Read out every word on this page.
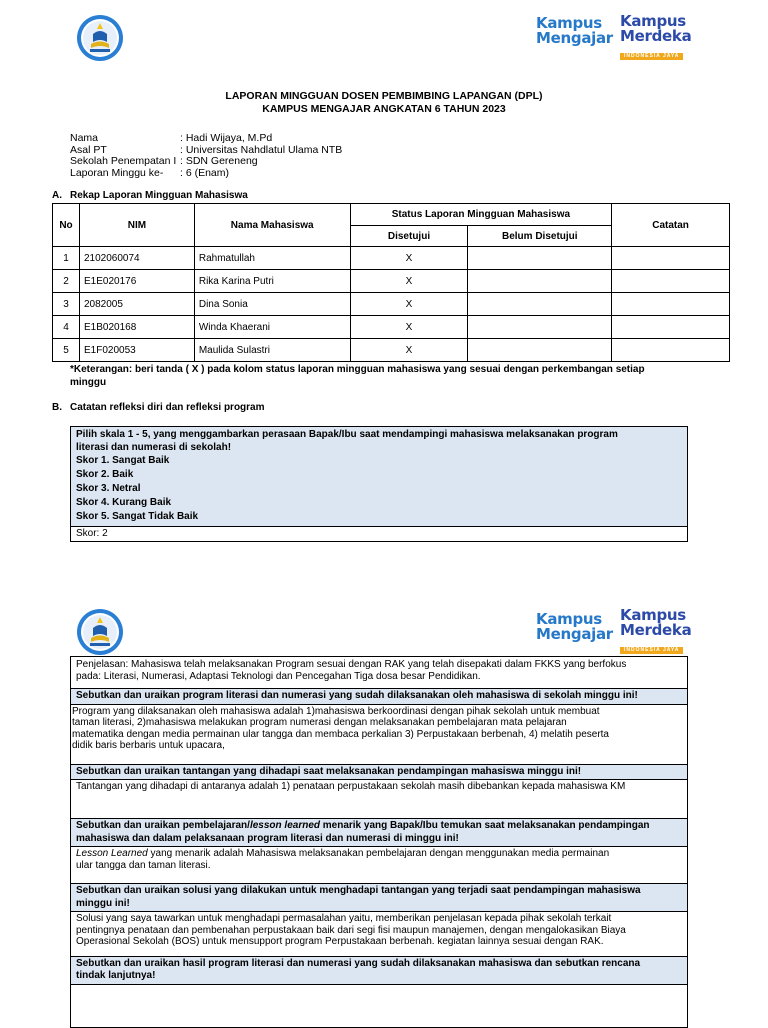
Kampus
Mengajar
Kampus
Merdeka
INDONESIA JAYA
LAPORAN MINGGUAN DOSEN PEMBIMBING LAPANGAN (DPL)
KAMPUS MENGAJAR ANGKATAN 6 TAHUN 2023
Nama	: Hadi Wijaya, M.Pd
Asal PT	: Universitas Nahdlatul Ulama NTB
Sekolah Penempatan I : SDN Gereneng
Laporan Minggu ke-	: 6 (Enam)
A. Rekap Laporan Mingguan Mahasiswa
No	NIM	Nama Mahasiswa	Status Laporan Mingguan Mahasiswa		Catatan
			Disetujui	Belum Disetujui	
1	2102060074	Rahmatullah	X		
2	E1E020176	Rika Karina Putri	X		
3	2082005	Dina Sonia	X		
4	E1B020168	Winda Khaerani	X		
5	E1F020053	Maulida Sulastri	X		
*Keterangan: beri tanda ( X ) pada kolom status laporan mingguan mahasiswa yang sesuai dengan perkembangan setiap
minggu
B. Catatan refleksi diri dan refleksi program
Pilih skala 1 - 5, yang menggambarkan perasaan Bapak/Ibu saat mendampingi mahasiswa melaksanakan program
literasi dan numerasi di sekolah!
Skor 1. Sangat Baik
Skor 2. Baik
Skor 3. Netral
Skor 4. Kurang Baik
Skor 5. Sangat Tidak Baik
Skor: 2
Kampus
Mengajar
Kampus
Merdeka
INDONESIA JAYA
Penjelasan: Mahasiswa telah melaksanakan Program sesuai dengan RAK yang telah disepakati dalam FKKS yang berfokus
pada: Literasi, Numerasi, Adaptasi Teknologi dan Pencegahan Tiga dosa besar Pendidikan.
Sebutkan dan uraikan program literasi dan numerasi yang sudah dilaksanakan oleh mahasiswa di sekolah minggu ini!
Program yang dilaksanakan oleh mahasiswa adalah 1)mahasiswa berkoordinasi dengan pihak sekolah untuk membuat
taman literasi, 2)mahasiswa melakukan program numerasi dengan melaksanakan pembelajaran mata pelajaran
matematika dengan media permainan ular tangga dan membaca perkalian 3) Perpustakaan berbenah, 4) melatih peserta
didik baris berbaris untuk upacara,
Sebutkan dan uraikan tantangan yang dihadapi saat melaksanakan pendampingan mahasiswa minggu ini!
Tantangan yang dihadapi di antaranya adalah 1) penataan perpustakaan sekolah masih dibebankan kepada mahasiswa KM
Sebutkan dan uraikan pembelajaran/lesson learned menarik yang Bapak/Ibu temukan saat melaksanakan pendampingan
mahasiswa dan dalam pelaksanaan program literasi dan numerasi di minggu ini!
Lesson Learned yang menarik adalah Mahasiswa melaksanakan pembelajaran dengan menggunakan media permainan
ular tangga dan taman literasi.
Sebutkan dan uraikan solusi yang dilakukan untuk menghadapi tantangan yang terjadi saat pendampingan mahasiswa
minggu ini!
Solusi yang saya tawarkan untuk menghadapi permasalahan yaitu, memberikan penjelasan kepada pihak sekolah terkait
pentingnya penataan dan pembenahan perpustakaan baik dari segi fisi maupun manajemen, dengan mengalokasikan Biaya
Operasional Sekolah (BOS) untuk mensupport program Perpustakaan berbenah. kegiatan lainnya sesuai dengan RAK.
Sebutkan dan uraikan hasil program literasi dan numerasi yang sudah dilaksanakan mahasiswa dan sebutkan rencana
tindak lanjutnya!
